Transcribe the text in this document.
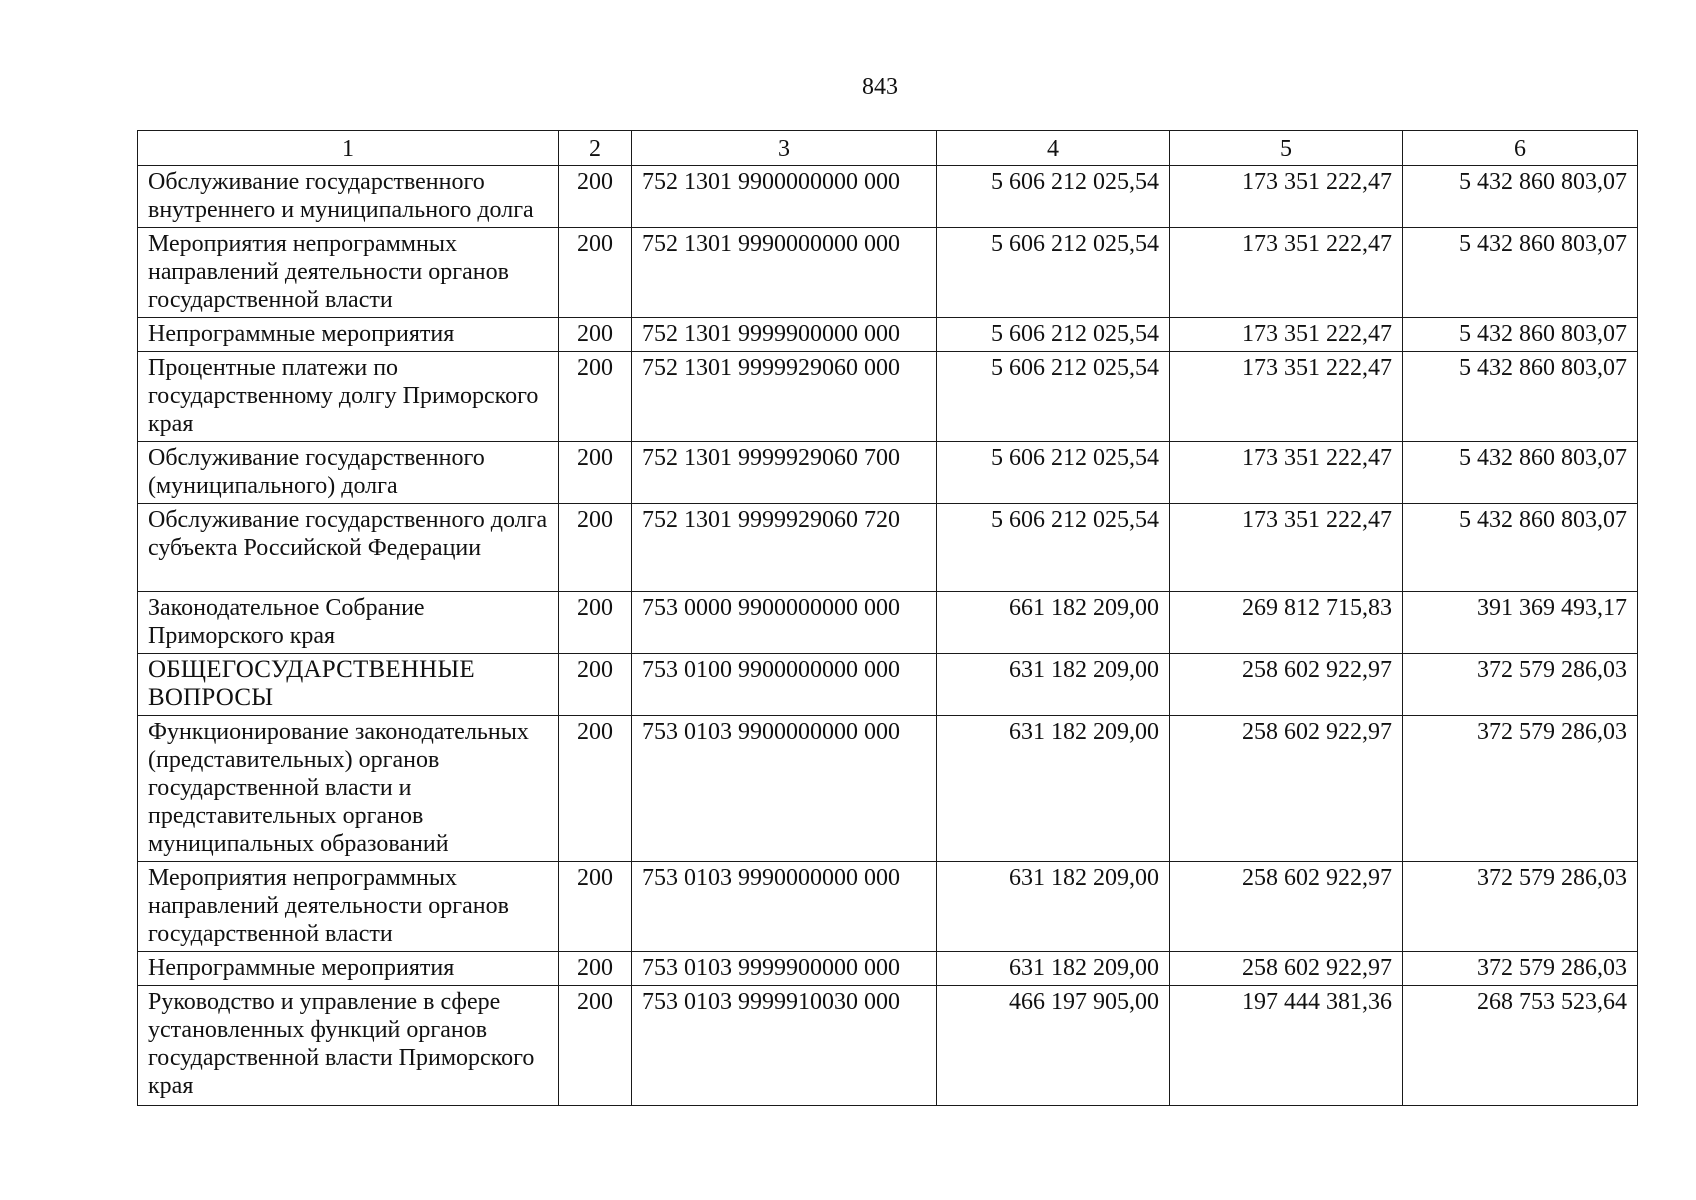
843
1	2	3	4	5	6
Обслуживание государственного внутреннего и муниципального долга	200	752 1301 9900000000 000	5 606 212 025,54	173 351 222,47	5 432 860 803,07
Мероприятия непрограммных направлений деятельности органов государственной власти	200	752 1301 9990000000 000	5 606 212 025,54	173 351 222,47	5 432 860 803,07
Непрограммные мероприятия	200	752 1301 9999900000 000	5 606 212 025,54	173 351 222,47	5 432 860 803,07
Процентные платежи по государственному долгу Приморского края	200	752 1301 9999929060 000	5 606 212 025,54	173 351 222,47	5 432 860 803,07
Обслуживание государственного (муниципального) долга	200	752 1301 9999929060 700	5 606 212 025,54	173 351 222,47	5 432 860 803,07
Обслуживание государственного долга субъекта Российской Федерации	200	752 1301 9999929060 720	5 606 212 025,54	173 351 222,47	5 432 860 803,07
Законодательное Собрание Приморского края	200	753 0000 9900000000 000	661 182 209,00	269 812 715,83	391 369 493,17
ОБЩЕГОСУДАРСТВЕННЫЕ ВОПРОСЫ	200	753 0100 9900000000 000	631 182 209,00	258 602 922,97	372 579 286,03
Функционирование законодательных (представительных) органов государственной власти и представительных органов муниципальных образований	200	753 0103 9900000000 000	631 182 209,00	258 602 922,97	372 579 286,03
Мероприятия непрограммных направлений деятельности органов государственной власти	200	753 0103 9990000000 000	631 182 209,00	258 602 922,97	372 579 286,03
Непрограммные мероприятия	200	753 0103 9999900000 000	631 182 209,00	258 602 922,97	372 579 286,03
Руководство и управление в сфере установленных функций органов государственной власти Приморского края	200	753 0103 9999910030 000	466 197 905,00	197 444 381,36	268 753 523,64
